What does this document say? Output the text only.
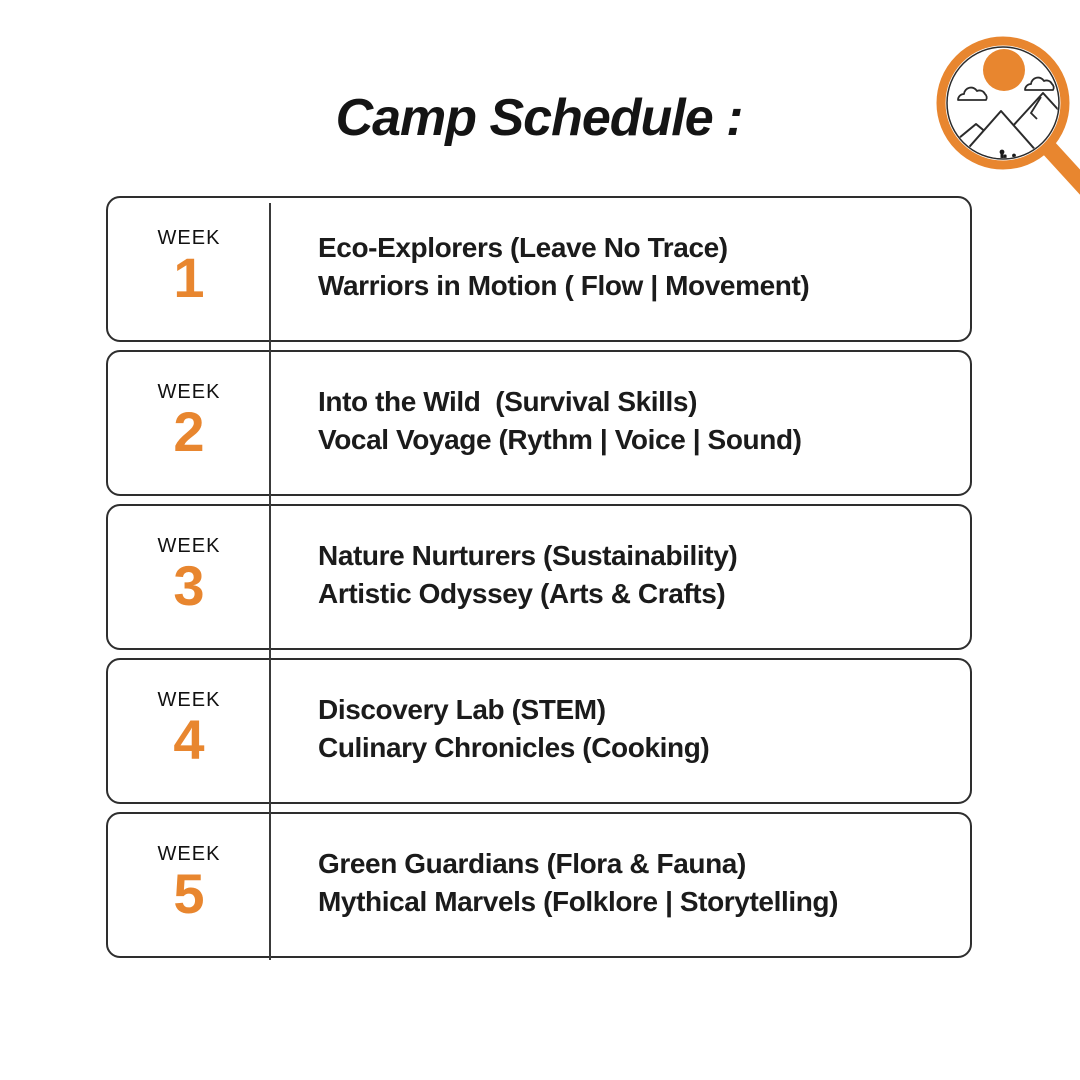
Camp Schedule :
WEEK
1	Eco-Explorers (Leave No Trace)
Warriors in Motion ( Flow | Movement)
WEEK
2	Into the Wild  (Survival Skills)
Vocal Voyage (Rythm | Voice | Sound)
WEEK
3	Nature Nurturers (Sustainability)
Artistic Odyssey (Arts & Crafts)
WEEK
4	Discovery Lab (STEM)
Culinary Chronicles (Cooking)
WEEK
5	Green Guardians (Flora & Fauna)
Mythical Marvels (Folklore | Storytelling)
